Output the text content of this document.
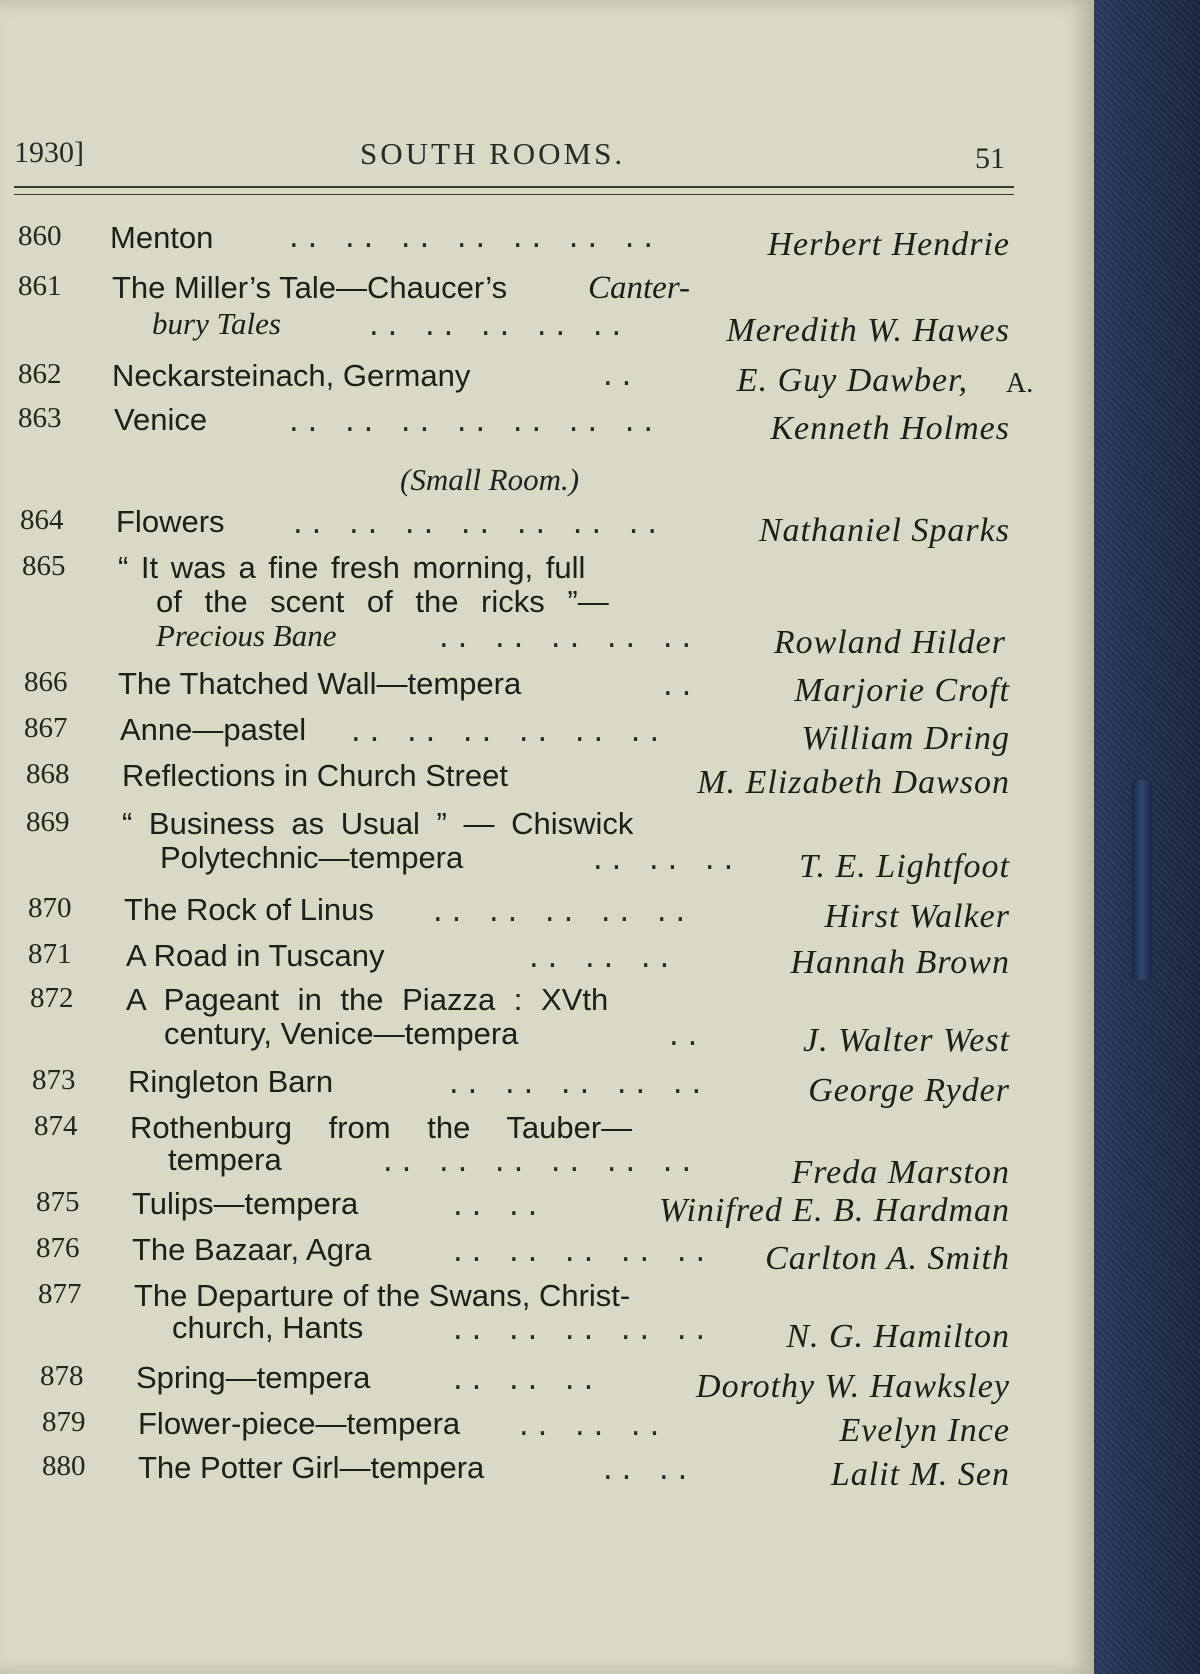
1930]	SOUTH ROOMS.	51
860 Menton	.. .. .. .. .. .. ..	Herbert Hendrie
861 The Miller’s Tale—Chaucer’s Canter-
bury Tales	.. .. .. .. ..	Meredith W. Hawes
862 Neckarsteinach, Germany	..	E. Guy Dawber, A.
863 Venice	.. .. .. .. .. .. ..	Kenneth Holmes
(Small Room.)
864 Flowers	.. .. .. .. .. .. ..	Nathaniel Sparks
865 “ It was a fine fresh morning, full
of the scent of the ricks ”—
Precious Bane	.. .. .. .. .. Rowland Hilder
866 The Thatched Wall—tempera	..	Marjorie Croft
867 Anne—pastel .. .. .. .. .. ..	William Dring
868 Reflections in Church Street	M. Elizabeth Dawson
869 “ Business as Usual ” — Chiswick
Polytechnic—tempera	.. .. .. T. E. Lightfoot
870 The Rock of Linus .. .. .. .. ..	Hirst Walker
871 A Road in Tuscany	.. .. ..	Hannah Brown
872 A Pageant in the Piazza : XVth
century, Venice—tempera	..	J. Walter West
873 Ringleton Barn	.. .. .. .. ..	George Ryder
874 Rothenburg from the Tauber—
tempera	.. .. .. .. .. ..	Freda Marston
875 Tulips—tempera	.. ..	Winifred E. B. Hardman
876 The Bazaar, Agra	.. .. .. .. .. Carlton A. Smith
877 The Departure of the Swans, Christ-
church, Hants	.. .. .. .. .. N. G. Hamilton
878 Spring—tempera	.. .. ..	Dorothy W. Hawksley
879 Flower-piece—tempera .. .. ..	Evelyn Ince
880 The Potter Girl—tempera	.. ..	Lalit M. Sen
